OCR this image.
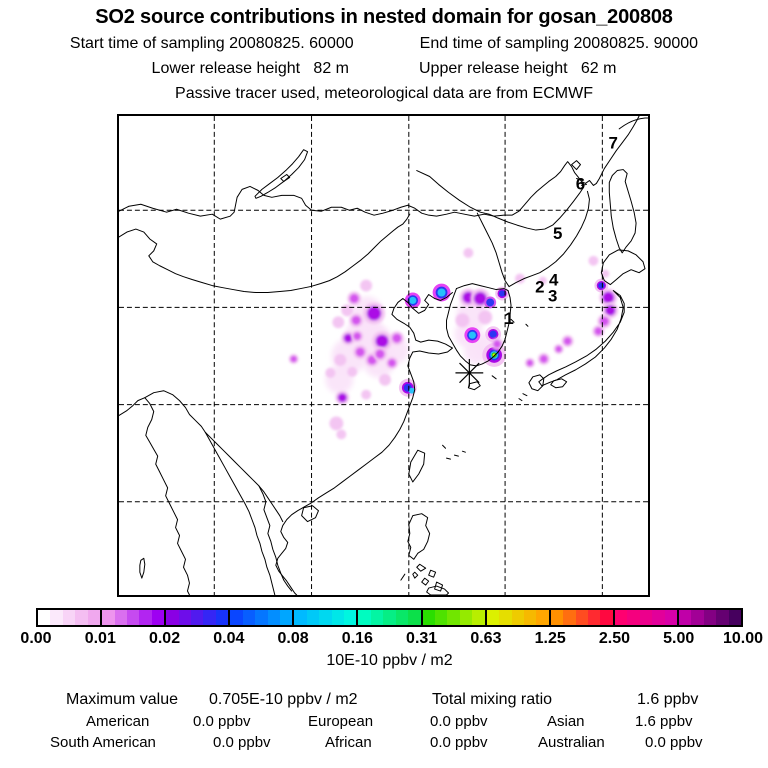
SO2 source contributions in nested domain for gosan_200808
Start time of sampling 20080825. 60000	End time of sampling 20080825. 90000
Lower release height   82 m	Upper release height   62 m
Passive tracer used, meteorological data are from ECMWF
1
2 3
4
5
6
7
0.00 0.01 0.02 0.04 0.08 0.16 0.31 0.63 1.25 2.50 5.00 10.00
10E-10 ppbv / m2
Maximum value 0.705E-10 ppbv / m2	Total mixing ratio	1.6 ppbv
American	0.0 ppbv	European	0.0 ppbv	Asian	1.6 ppbv
South American	0.0 ppbv	African	0.0 ppbv	Australian	0.0 ppbv
